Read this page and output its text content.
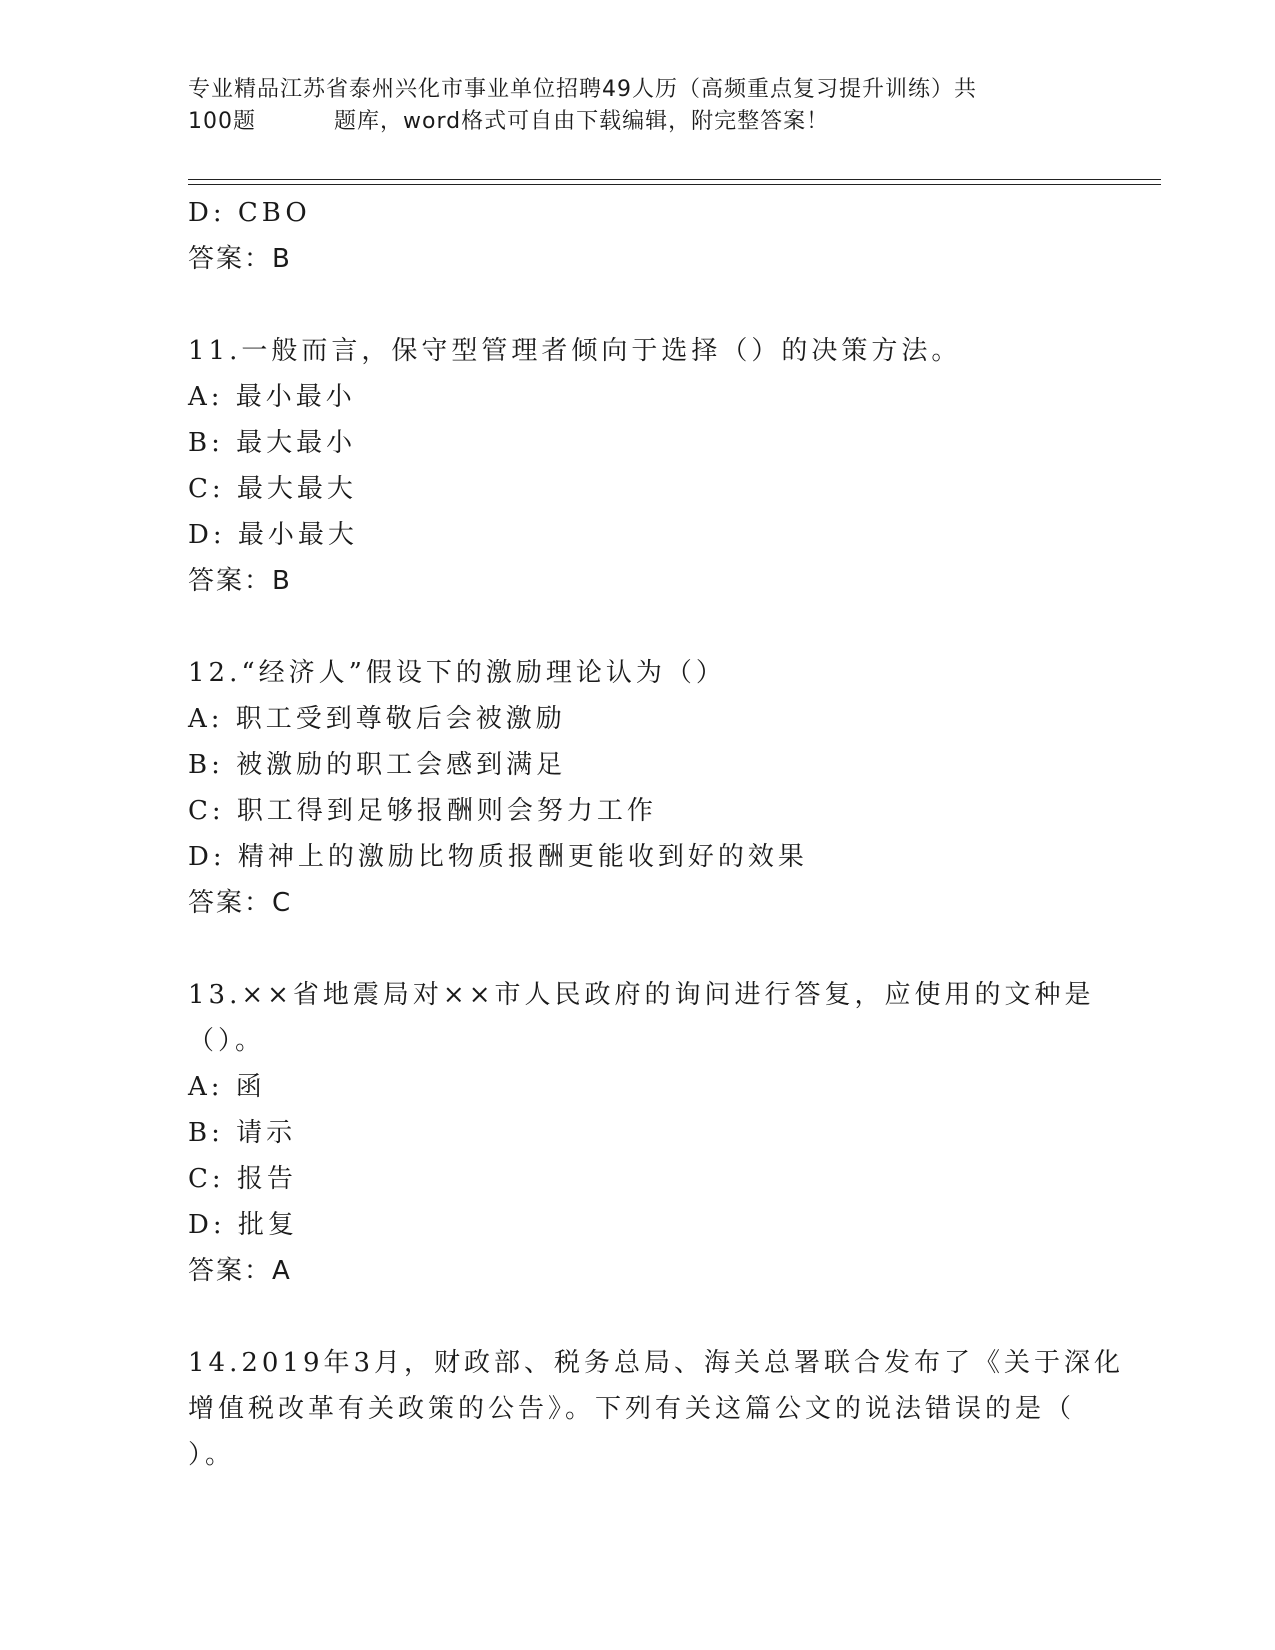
专业精品江苏省泰州兴化市事业单位招聘49人历（高频重点复习提升训练）共
100题	题库，word格式可自由下载编辑，附完整答案！
D: CBO
答案：B
11.一般而言，保守型管理者倾向于选择（）的决策方法。
A: 最小最小
B: 最大最小
C: 最大最大
D: 最小最大
答案：B
12.“经济人”假设下的激励理论认为（）
A: 职工受到尊敬后会被激励
B: 被激励的职工会感到满足
C: 职工得到足够报酬则会努力工作
D: 精神上的激励比物质报酬更能收到好的效果
答案：C
13.××省地震局对××市人民政府的询问进行答复，应使用的文种是
（）。
A: 函
B: 请示
C: 报告
D: 批复
答案：A
14.2019年3月，财政部、税务总局、海关总署联合发布了《关于深化
增值税改革有关政策的公告》。下列有关这篇公文的说法错误的是（
）。
